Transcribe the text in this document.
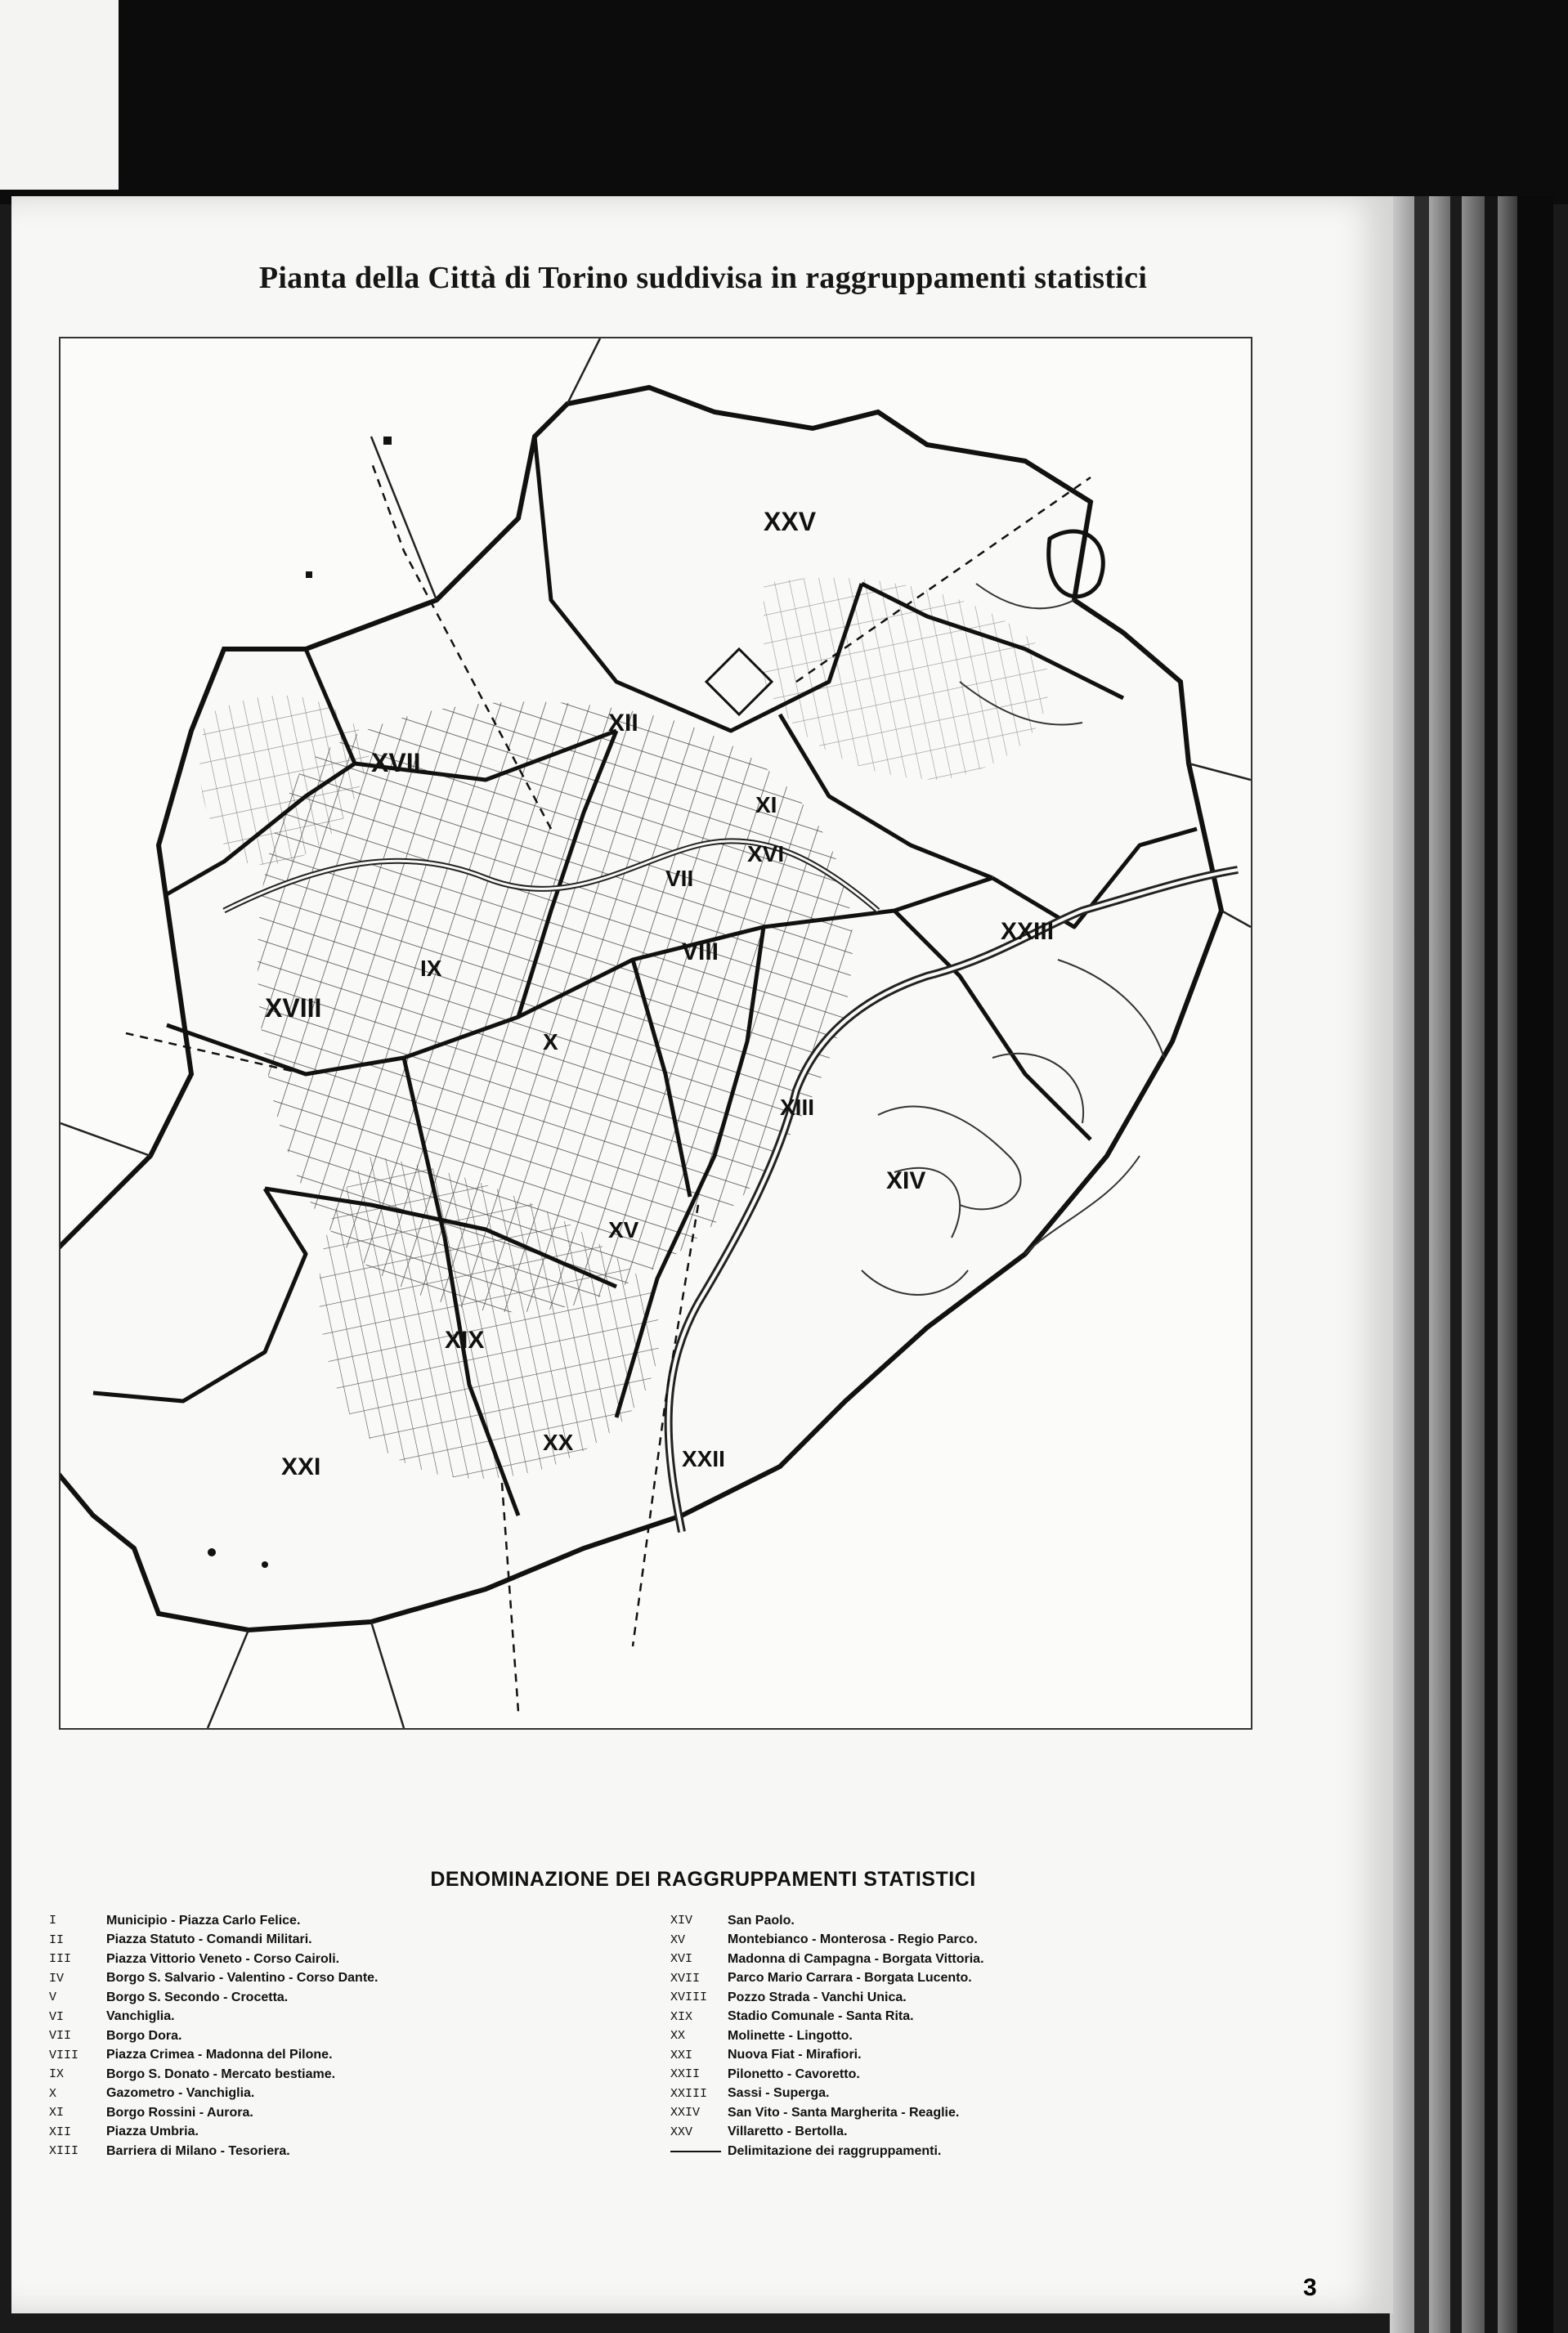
Pianta della Città di Torino suddivisa in raggruppamenti statistici
XXV
XVII
XVIII
XII
XI
VIII
VII
XVI
XXIII
IX
X
XIII
XIV
XV
XIX
XX
XXI	XXII
DENOMINAZIONE DEI RAGGRUPPAMENTI STATISTICI
I	Municipio - Piazza Carlo Felice.
II	Piazza Statuto - Comandi Militari.
III	Piazza Vittorio Veneto - Corso Cairoli.
IV	Borgo S. Salvario - Valentino - Corso Dante.
V	Borgo S. Secondo - Crocetta.
VI	Vanchiglia.
VII	Borgo Dora.
VIII	Piazza Crimea - Madonna del Pilone.
IX	Borgo S. Donato - Mercato bestiame.
X	Gazometro - Vanchiglia.
XI	Borgo Rossini - Aurora.
XII	Piazza Umbria.
XIII	Barriera di Milano - Tesoriera.
XIV	San Paolo.
XV	Montebianco - Monterosa - Regio Parco.
XVI	Madonna di Campagna - Borgata Vittoria.
XVII	Parco Mario Carrara - Borgata Lucento.
XVIII	Pozzo Strada - Vanchi Unica.
XIX	Stadio Comunale - Santa Rita.
XX	Molinette - Lingotto.
XXI	Nuova Fiat - Mirafiori.
XXII	Pilonetto - Cavoretto.
XXIII	Sassi - Superga.
XXIV	San Vito - Santa Margherita - Reaglie.
XXV	Villaretto - Bertolla.
Delimitazione dei raggruppamenti.
3
